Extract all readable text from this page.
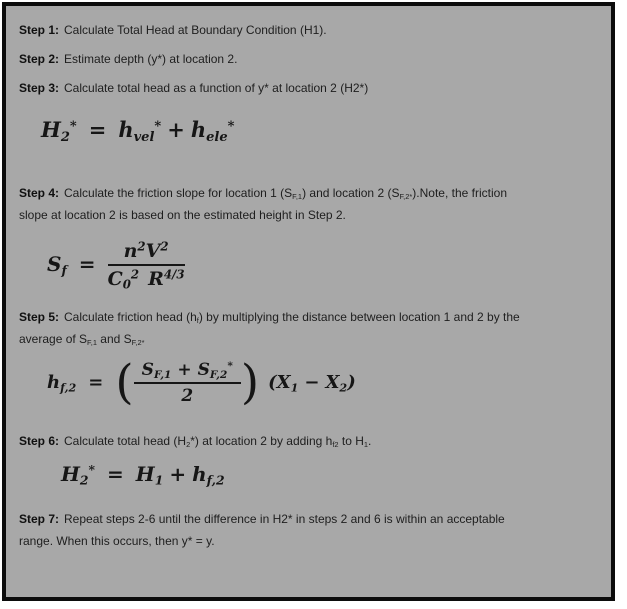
Step 1: Calculate Total Head at Boundary Condition (H1).

Step 2: Estimate depth (y*) at location 2.

Step 3: Calculate total head as a function of y* at location 2 (H2*)

$H_2^* = h_{vel}^* + h_{ele}^*$

Step 4: Calculate the friction slope for location 1 $(S_{F,1})$ and location 2 $(S_{F,2*}).Note$, the friction
slope at location 2 is based on the estimated height in Step 2.

$S_f = \frac{n^2V^2}{C_0^2 R^{4/3}}$

Step 5: Calculate friction head $(h_f)$ by multiplying the distance between location 1 and 2 by the
average of $S_{F,1}$ and $S_{F,2*}$

$h_{f,2}$ = ( $\frac{S_{F,1} + S_{F,2}^*}{2}$ ) $(X_1 - X_2)$

Step 6: Calculate total head $(H_2*)$ at location 2 by adding $h_{f2}$ to $H_1$.

$H_2^* = H_1 + h_{f,2}$

Step 7: Repeat steps 2-6 until the difference in H2* in steps 2 and 6 is within an acceptable
range. When this occurs, then y* = y.
